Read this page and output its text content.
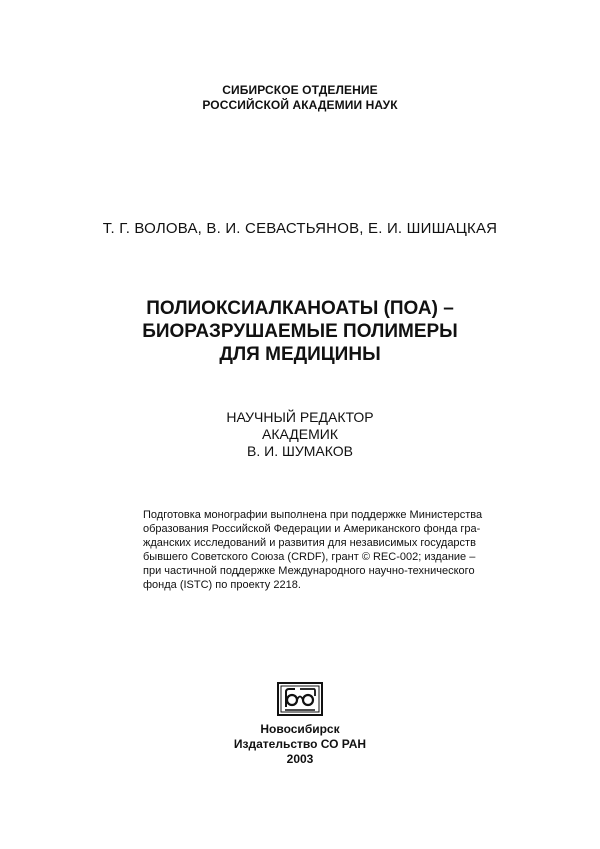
СИБИРСКОЕ ОТДЕЛЕНИЕ
РОССИЙСКОЙ АКАДЕМИИ НАУК
Т. Г. ВОЛОВА, В. И. СЕВАСТЬЯНОВ, Е. И. ШИШАЦКАЯ
ПОЛИОКСИАЛКАНОАТЫ (ПОА) –
БИОРАЗРУШАЕМЫЕ ПОЛИМЕРЫ
ДЛЯ МЕДИЦИНЫ
НАУЧНЫЙ РЕДАКТОР
АКАДЕМИК
В. И. ШУМАКОВ
Подготовка монографии выполнена при поддержке Министерства
образования Российской Федерации и Американского фонда гра-
жданских исследований и развития для независимых государств
бывшего Советского Союза (CRDF), грант © REC-002; издание –
при частичной поддержке Международного научно-технического
фонда (ISTC) по проекту 2218.
Новосибирск
Издательство СО РАН
2003
